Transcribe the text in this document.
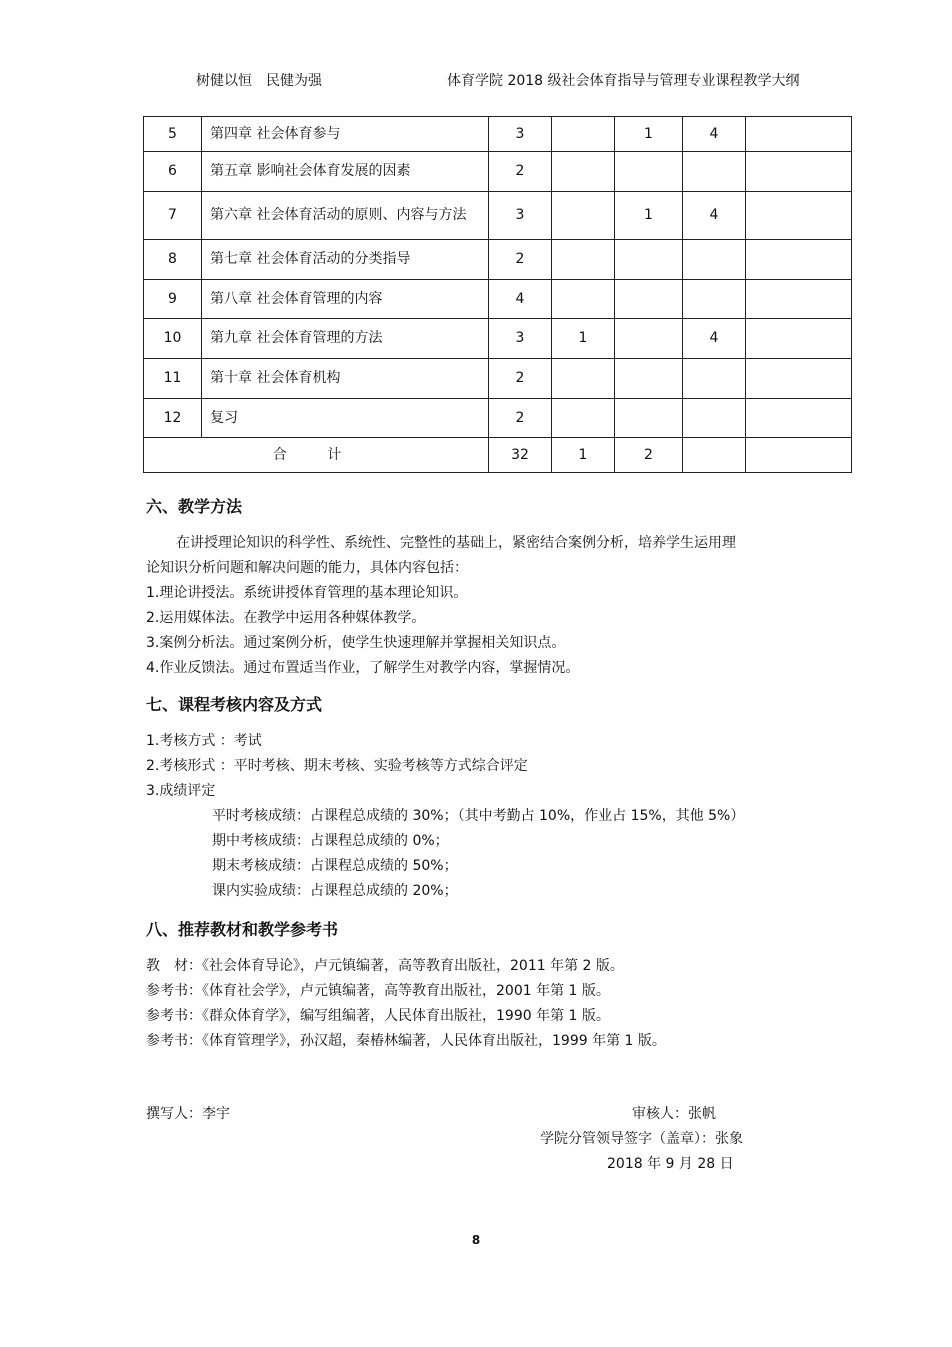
树健以恒　民健为强	体育学院 2018 级社会体育指导与管理专业课程教学大纲
5	第四章 社会体育参与	3		1	4	
6	第五章 影响社会体育发展的因素	2				
7	第六章 社会体育活动的原则、内容与方法	3		1	4	
8	第七章 社会体育活动的分类指导	2				
9	第八章 社会体育管理的内容	4				
10	第九章 社会体育管理的方法	3	1		4	
11	第十章 社会体育机构	2				
12	复习	2				
合 计		32	1	2		
六、教学方法
在讲授理论知识的科学性、系统性、完整性的基础上，紧密结合案例分析，培养学生运用理
论知识分析问题和解决问题的能力，具体内容包括：
1.理论讲授法。系统讲授体育管理的基本理论知识。
2.运用媒体法。在教学中运用各种媒体教学。
3.案例分析法。通过案例分析，使学生快速理解并掌握相关知识点。
4.作业反馈法。通过布置适当作业，了解学生对教学内容，掌握情况。
七、课程考核内容及方式
1.考核方式 ：考试
2.考核形式 ：平时考核、期末考核、实验考核等方式综合评定
3.成绩评定
平时考核成绩：占课程总成绩的 30%；（其中考勤占 10%，作业占 15%，其他 5%）
期中考核成绩：占课程总成绩的 0%；
期末考核成绩：占课程总成绩的 50%；
课内实验成绩：占课程总成绩的 20%；
八、推荐教材和教学参考书
教　材：《社会体育导论》，卢元镇编著，高等教育出版社，2011 年第 2 版。
参考书：《体育社会学》，卢元镇编著，高等教育出版社，2001 年第 1 版。
参考书：《群众体育学》，编写组编著，人民体育出版社，1990 年第 1 版。
参考书：《体育管理学》，孙汉超，秦椿林编著，人民体育出版社，1999 年第 1 版。
撰写人：李宇	审核人：张帆
学院分管领导签字（盖章）：张象
2018 年 9 月 28 日
8
